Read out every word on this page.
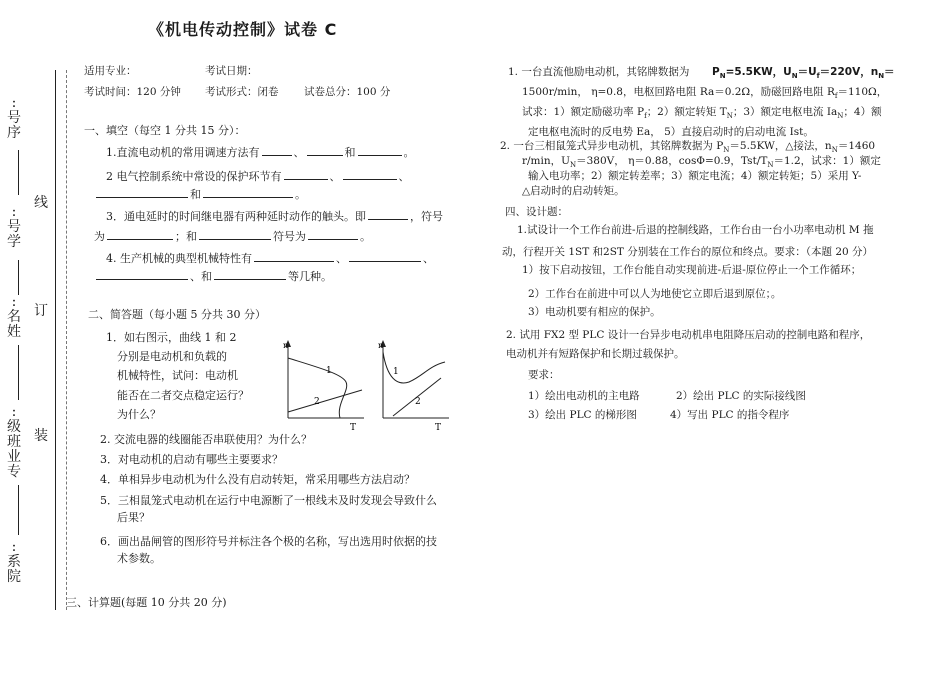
《机电传动控制》试卷 C
:号序
:号学
:名姓
:级班业专
:系院
线
订
装
适用专业：	考试日期：
考试时间：120 分钟 考试形式：闭卷 试卷总分：100 分
一、填空（每空 1 分共 15 分）：
1.直流电动机的常用调速方法有	、	和	。
2 电气控制系统中常设的保护环节有	、	、
和	。
3．通电延时的时间继电器有两种延时动作的触头。即	，符号
为	；和	符号为	。
4. 生产机械的典型机械特性有	、	、
、和	等几种。
二、简答题（每小题 5 分共 30 分）
1．如右图示，曲线 1 和 2
分别是电动机和负载的
机械特性，试问：电动机
能否在二者交点稳定运行？
为什么？
n
T
1
2
n
T
1
2
2. 交流电器的线圈能否串联使用？为什么？
3．对电动机的启动有哪些主要要求？
4．单相异步电动机为什么没有启动转矩，常采用哪些方法启动？
5．三相鼠笼式电动机在运行中电源断了一根线未及时发现会导致什么
后果？
6．画出晶闸管的图形符号并标注各个极的名称，写出选用时依据的技
术参数。
三、计算题(每题 10 分共 20 分)
1. 一台直流他励电动机，其铭牌数据为 $P_N=5.5KW$，$U_N=U_f=220V$，$n_N=$
1500r/min， η=0.8，电枢回路电阻 Ra＝0.2Ω，励磁回路电阻 $R_f=110\Omega$，
试求：1）额定励磁功率 $P_f$；2）额定转矩 $T_N$；3）额定电枢电流 $Ia_N$；4）额
定电枢电流时的反电势 Ea， 5）直接启动时的启动电流 Ist。
2. 一台三相鼠笼式异步电动机，其铭牌数据为 $P_N=5.5KW$，△接法，$n_N=1460$
r/min，$U_N=380V$， η＝0.88，cosΦ=0.9，Tst/$T_N=1.2$，试求：1）额定
输入电功率；2）额定转差率；3）额定电流；4）额定转矩；5）采用 Y-
△启动时的启动转矩。
四、设计题：
1.试设计一个工作台前进-后退的控制线路，工作台由一台小功率电动机 M 拖
动，行程开关 1ST 和2ST 分别装在工作台的原位和终点。要求：（本题 20 分）
1）按下启动按钮，工作台能自动实现前进-后退-原位停止一个工作循环；
2）工作台在前进中可以人为地使它立即后退到原位；。
3）电动机要有相应的保护。
2. 试用 FX2 型 PLC 设计一台异步电动机串电阻降压启动的控制电路和程序，
电动机并有短路保护和长期过载保护。
要求：
1）绘出电动机的主电路	2）绘出 PLC 的实际接线图
3）绘出 PLC 的梯形图	4）写出 PLC 的指令程序
